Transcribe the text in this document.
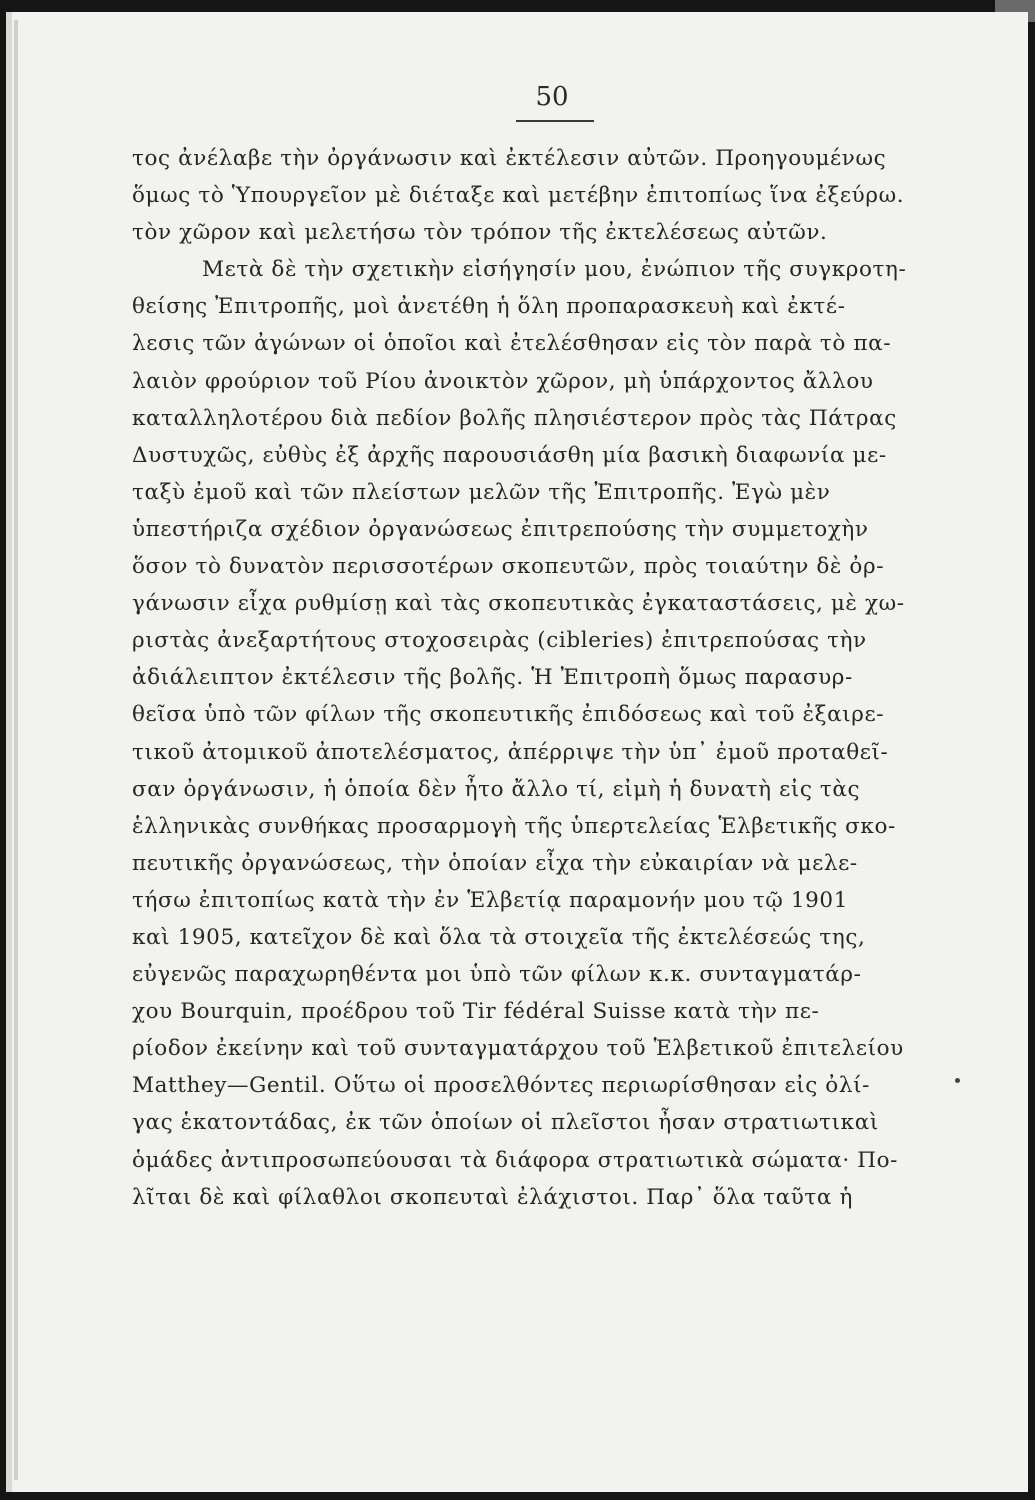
50
τος ἀνέλαβε τὴν ὀργάνωσιν καὶ ἐκτέλεσιν αὐτῶν. Προηγουμένως
ὅμως τὸ Ὑπουργεῖον μὲ διέταξε καὶ μετέβην ἐπιτοπίως ἵνα ἐξεύρω.
τὸν χῶρον καὶ μελετήσω τὸν τρόπον τῆς ἐκτελέσεως αὐτῶν.
Μετὰ δὲ τὴν σχετικὴν εἰσήγησίν μου, ἐνώπιον τῆς συγκροτη-
θείσης Ἐπιτροπῆς, μοὶ ἀνετέθη ἡ ὅλη προπαρασκευὴ καὶ ἐκτέ-
λεσις τῶν ἀγώνων οἱ ὁποῖοι καὶ ἐτελέσθησαν εἰς τὸν παρὰ τὸ πα-
λαιὸν φρούριον τοῦ Ρίου ἀνοικτὸν χῶρον, μὴ ὑπάρχοντος ἄλλου
καταλληλοτέρου διὰ πεδίον βολῆς πλησιέστερον πρὸς τὰς Πάτρας
Δυστυχῶς, εὐθὺς ἐξ ἀρχῆς παρουσιάσθη μία βασικὴ διαφωνία με-
ταξὺ ἐμοῦ καὶ τῶν πλείστων μελῶν τῆς Ἐπιτροπῆς. Ἐγὼ μὲν
ὑπεστήριζα σχέδιον ὀργανώσεως ἐπιτρεπούσης τὴν συμμετοχὴν
ὅσον τὸ δυνατὸν περισσοτέρων σκοπευτῶν, πρὸς τοιαύτην δὲ ὀρ-
γάνωσιν εἶχα ρυθμίσῃ καὶ τὰς σκοπευτικὰς ἐγκαταστάσεις, μὲ χω-
ριστὰς ἀνεξαρτήτους στοχοσειρὰς (cibleries) ἐπιτρεπούσας τὴν
ἀδιάλειπτον ἐκτέλεσιν τῆς βολῆς. Ἡ Ἐπιτροπὴ ὅμως παρασυρ-
θεῖσα ὑπὸ τῶν φίλων τῆς σκοπευτικῆς ἐπιδόσεως καὶ τοῦ ἐξαιρε-
τικοῦ ἀτομικοῦ ἀποτελέσματος, ἀπέρριψε τὴν ὑπ᾿ ἐμοῦ προταθεῖ-
σαν ὀργάνωσιν, ἡ ὁποία δὲν ἦτο ἄλλο τί, εἰμὴ ἡ δυνατὴ εἰς τὰς
ἑλληνικὰς συνθήκας προσαρμογὴ τῆς ὑπερτελείας Ἑλβετικῆς σκο-
πευτικῆς ὀργανώσεως, τὴν ὁποίαν εἶχα τὴν εὐκαιρίαν νὰ μελε-
τήσω ἐπιτοπίως κατὰ τὴν ἐν Ἑλβετίᾳ παραμονήν μου τῷ 1901
καὶ 1905, κατεῖχον δὲ καὶ ὅλα τὰ στοιχεῖα τῆς ἐκτελέσεώς της,
εὐγενῶς παραχωρηθέντα μοι ὑπὸ τῶν φίλων κ.κ. συνταγματάρ-
χου Bourquin, προέδρου τοῦ Tir fédéral Suisse κατὰ τὴν πε-
ρίοδον ἐκείνην καὶ τοῦ συνταγματάρχου τοῦ Ἑλβετικοῦ ἐπιτελείου
Matthey—Gentil. Οὕτω οἱ προσελθόντες περιωρίσθησαν εἰς ὀλί-
γας ἑκατοντάδας, ἐκ τῶν ὁποίων οἱ πλεῖστοι ἦσαν στρατιωτικαὶ
ὁμάδες ἀντιπροσωπεύουσαι τὰ διάφορα στρατιωτικὰ σώματα· Πο-
λῖται δὲ καὶ φίλαθλοι σκοπευταὶ ἐλάχιστοι. Παρ᾿ ὅλα ταῦτα ἡ
